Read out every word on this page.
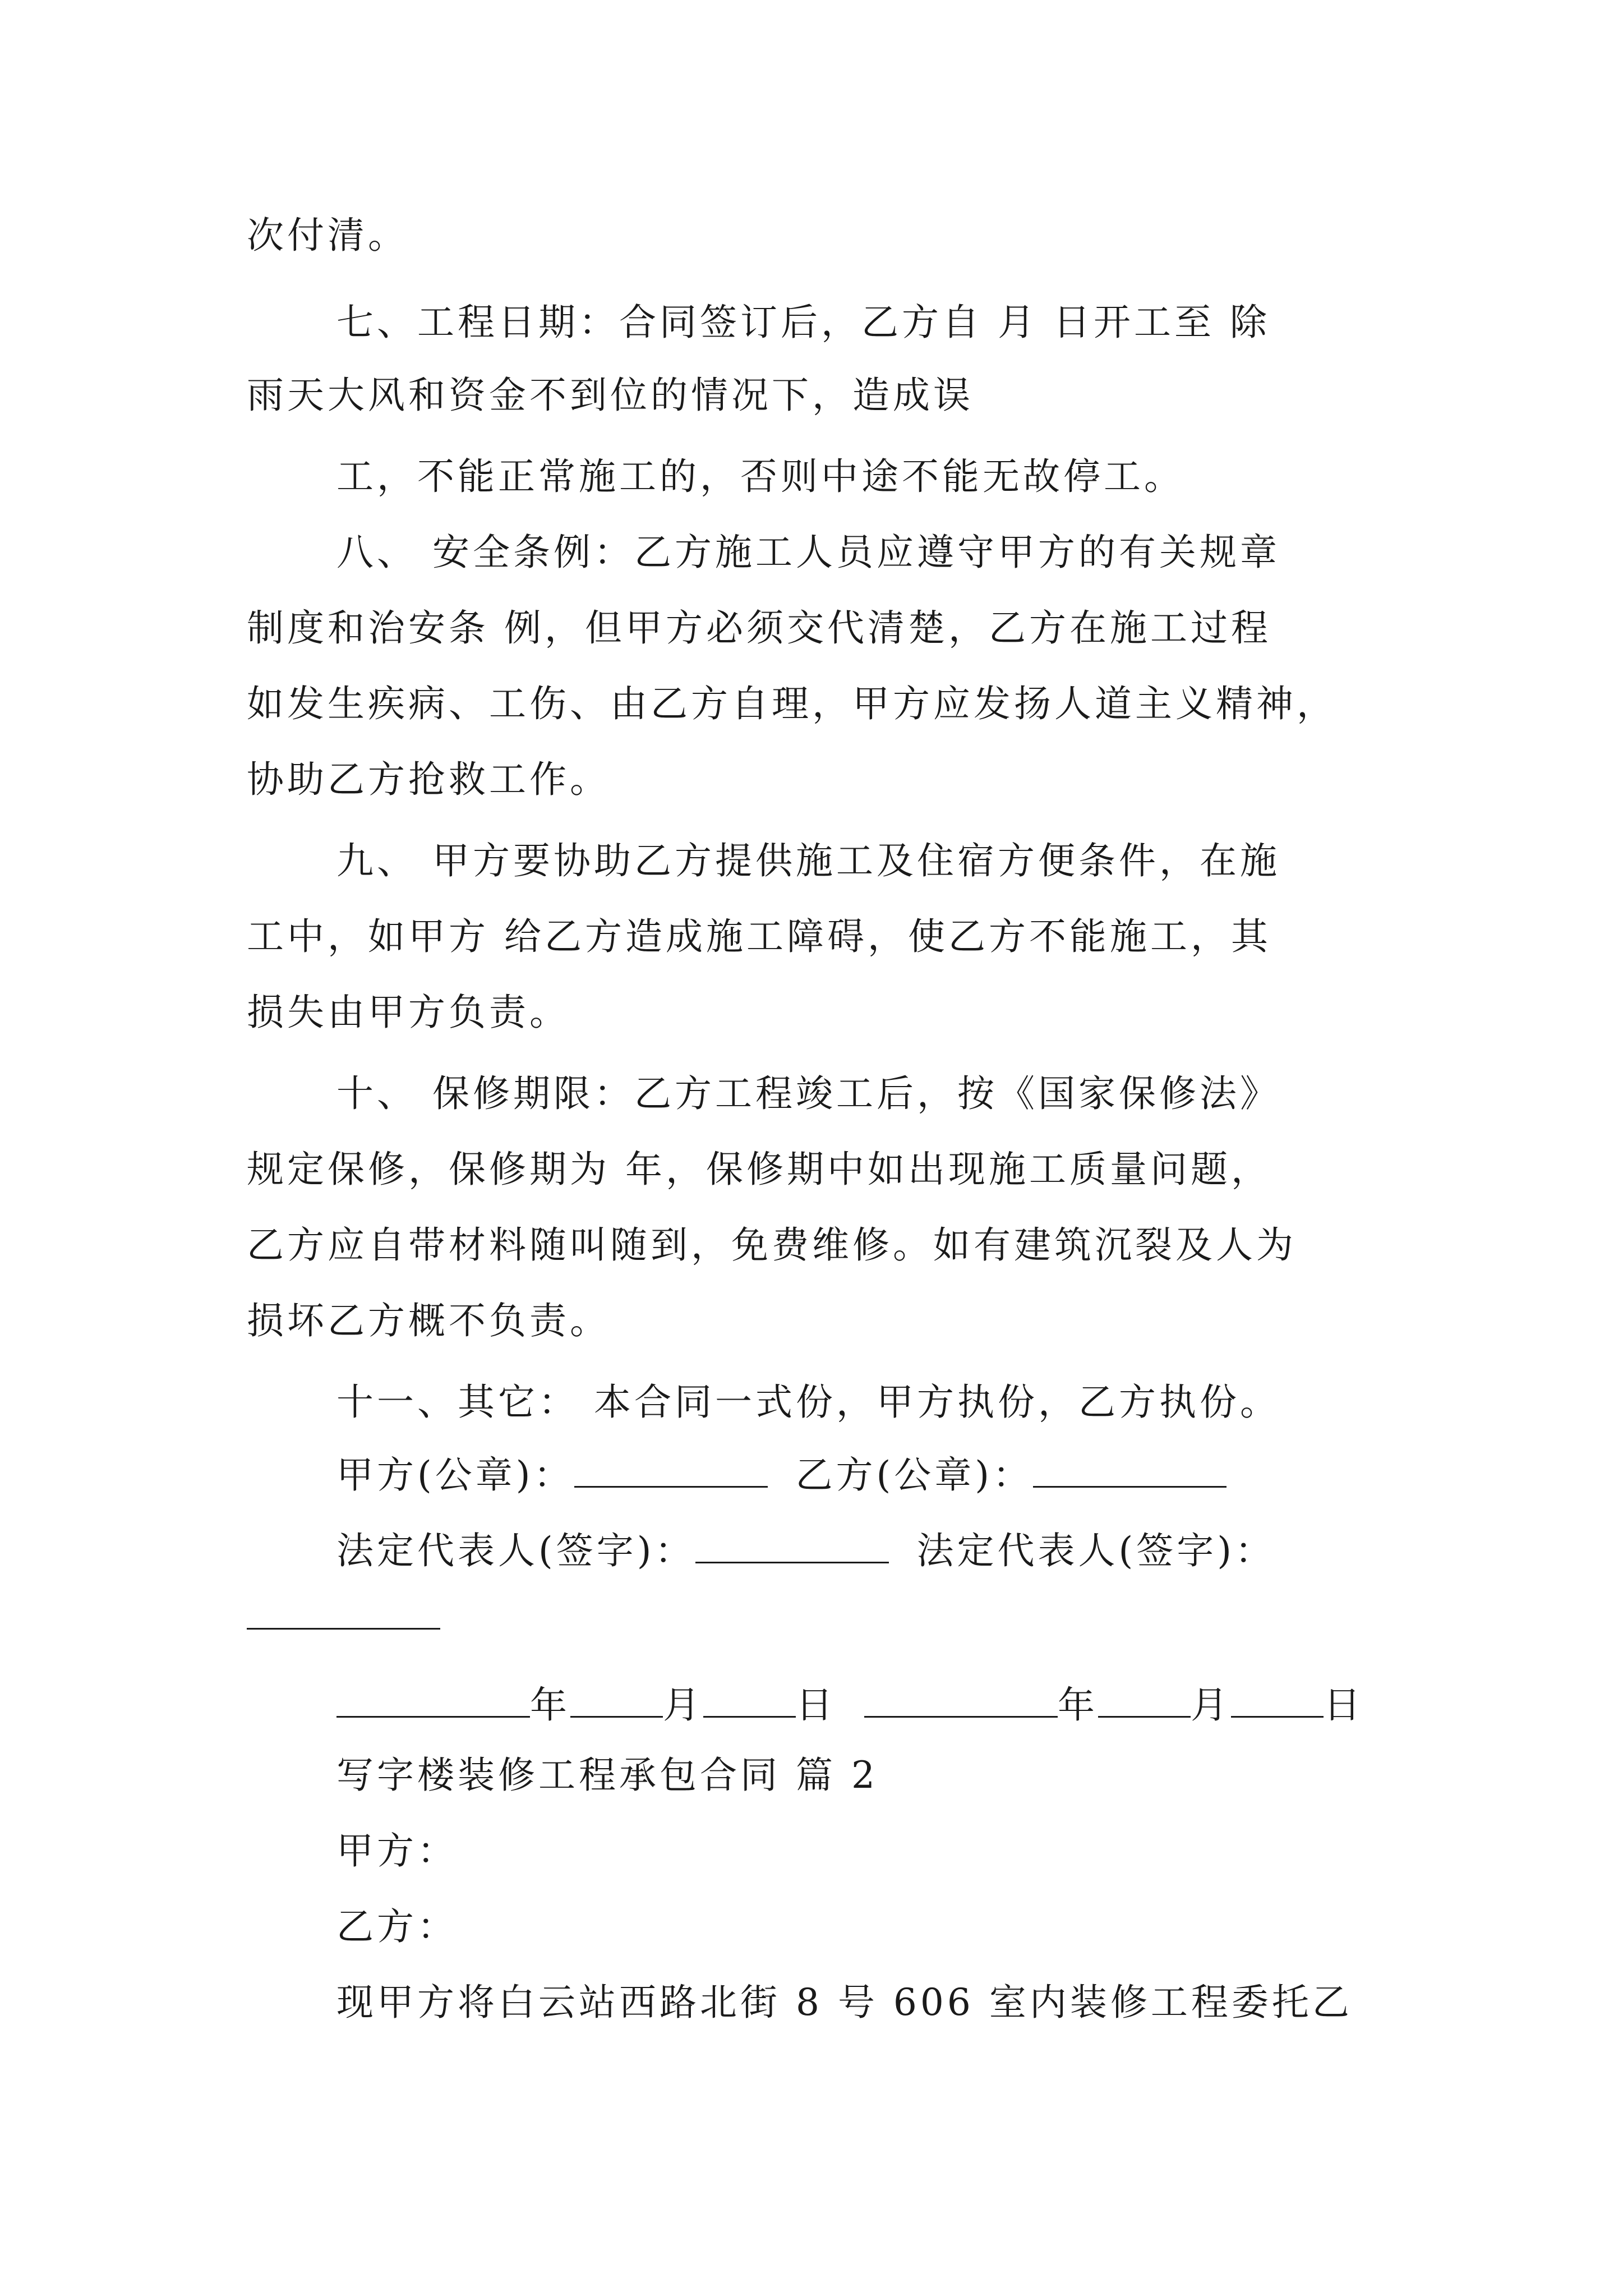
次付清。
七、工程日期：合同签订后，乙方自 月 日开工至 除
雨天大风和资金不到位的情况下，造成误
工，不能正常施工的，否则中途不能无故停工。
八、 安全条例：乙方施工人员应遵守甲方的有关规章
制度和治安条 例，但甲方必须交代清楚，乙方在施工过程
如发生疾病、工伤、由乙方自理，甲方应发扬人道主义精神，
协助乙方抢救工作。
九、 甲方要协助乙方提供施工及住宿方便条件，在施
工中，如甲方 给乙方造成施工障碍，使乙方不能施工，其
损失由甲方负责。
十、 保修期限：乙方工程竣工后，按《国家保修法》
规定保修，保修期为 年，保修期中如出现施工质量问题，
乙方应自带材料随叫随到，免费维修。如有建筑沉裂及人为
损坏乙方概不负责。
十一、其它： 本合同一式份，甲方执份，乙方执份。
甲方(公章)：	乙方(公章)：
法定代表人(签字)：	法定代表人(签字)：
年	月	日	年	月	日
写字楼装修工程承包合同 篇 2
甲方：
乙方：
现甲方将白云站西路北街 8 号 606 室内装修工程委托乙
